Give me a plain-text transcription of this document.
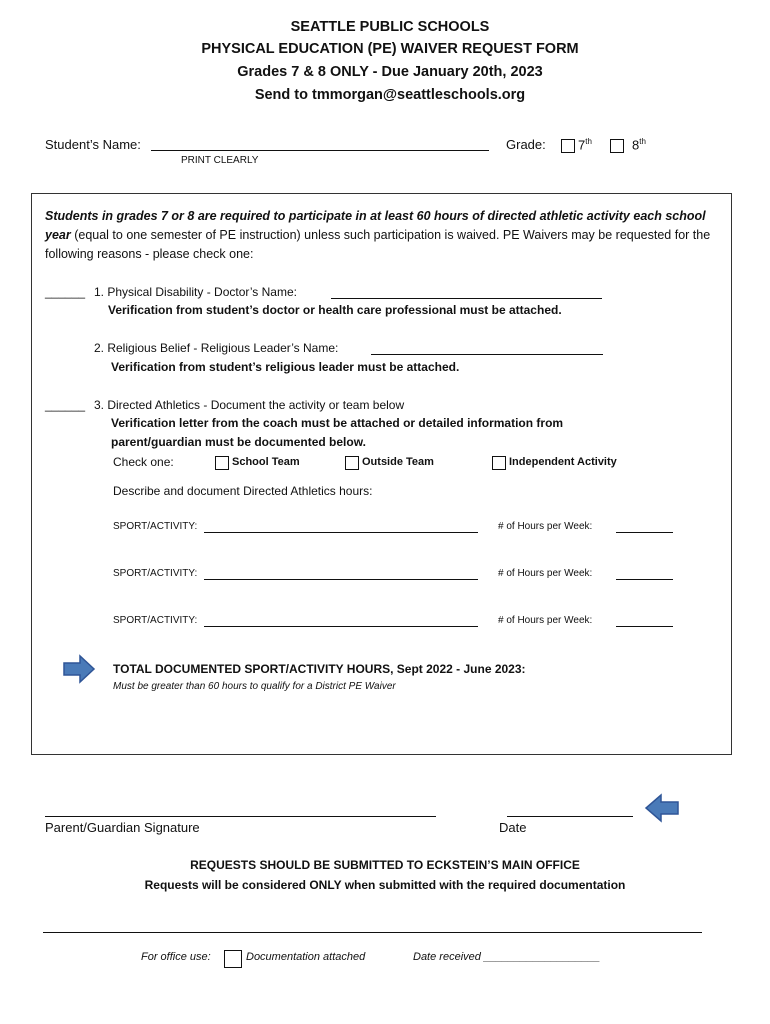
SEATTLE PUBLIC SCHOOLS
PHYSICAL EDUCATION (PE) WAIVER REQUEST FORM
Grades 7 & 8 ONLY - Due January 20th, 2023
Send to tmmorgan@seattleschools.org
Student’s Name:
PRINT CLEARLY
Grade: 7th	8th
Students in grades 7 or 8 are required to participate in at least 60 hours of directed athletic activity each school year (equal to one semester of PE instruction) unless such participation is waived. PE Waivers may be requested for the following reasons - please check one:
______ 1. Physical Disability - Doctor’s Name:
Verification from student’s doctor or health care professional must be attached.
2. Religious Belief - Religious Leader’s Name:
Verification from student’s religious leader must be attached.
______ 3. Directed Athletics - Document the activity or team below
Verification letter from the coach must be attached or detailed information from
parent/guardian must be documented below.
Check one:	School Team	Outside Team	Independent Activity
Describe and document Directed Athletics hours:
SPORT/ACTIVITY:	# of Hours per Week:
SPORT/ACTIVITY:	# of Hours per Week:
SPORT/ACTIVITY:	# of Hours per Week:
TOTAL DOCUMENTED SPORT/ACTIVITY HOURS, Sept 2022 - June 2023:
Must be greater than 60 hours to qualify for a District PE Waiver
Parent/Guardian Signature	Date
REQUESTS SHOULD BE SUBMITTED TO ECKSTEIN’S MAIN OFFICE
Requests will be considered ONLY when submitted with the required documentation
For office use:	Documentation attached	Date received ___________________
